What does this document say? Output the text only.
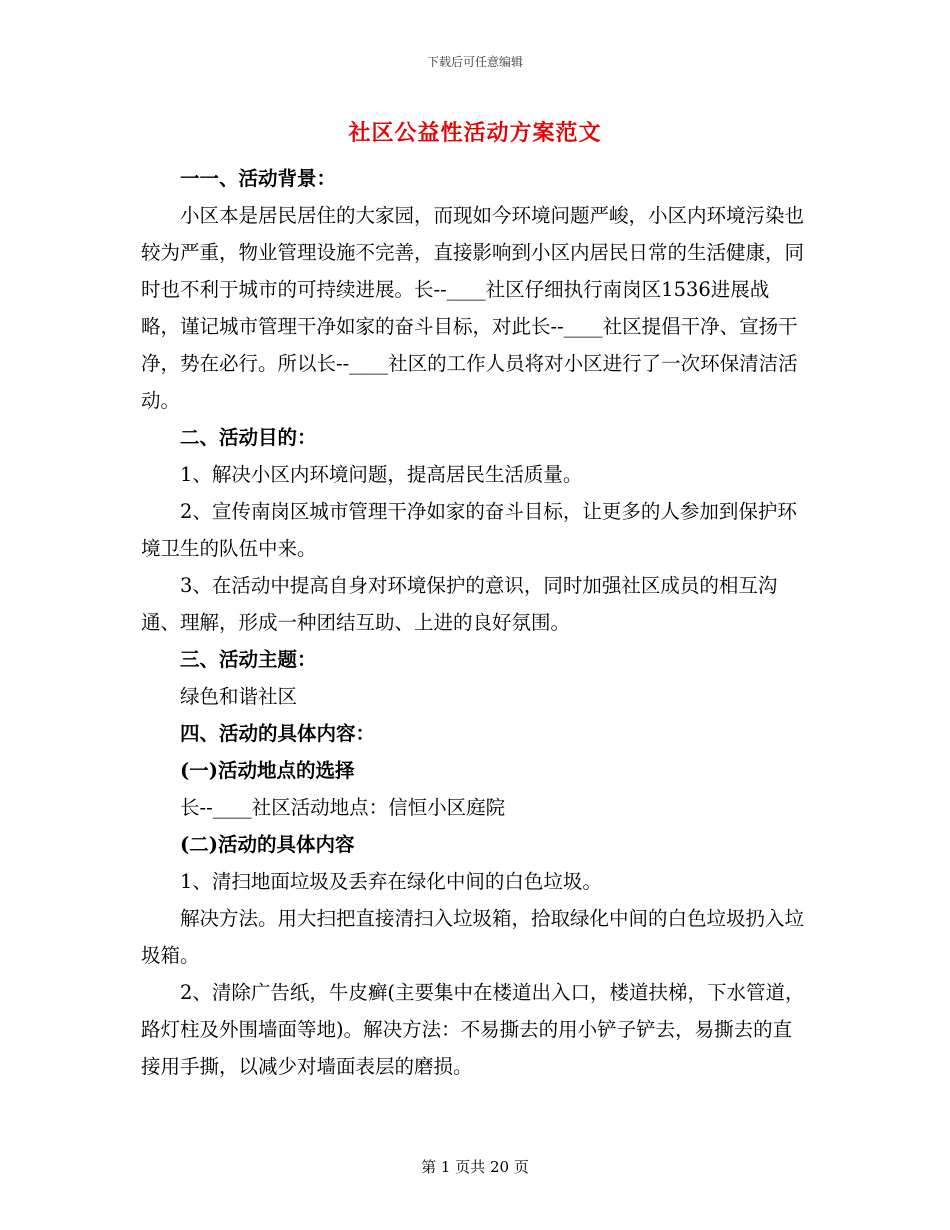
下载后可任意编辑
社区公益性活动方案范文

一一、活动背景：

小区本是居民居住的大家园，而现如今环境问题严峻，小区内环境污染也较为严重，物业管理设施不完善，直接影响到小区内居民日常的生活健康，同时也不利于城市的可持续进展。长--____社区仔细执行南岗区1536进展战略，谨记城市管理干净如家的奋斗目标，对此长--____社区提倡干净、宣扬干净，势在必行。所以长--____社区的工作人员将对小区进行了一次环保清洁活动。

二、活动目的：

1、解决小区内环境问题，提高居民生活质量。

2、宣传南岗区城市管理干净如家的奋斗目标，让更多的人参加到保护环境卫生的队伍中来。

3、在活动中提高自身对环境保护的意识，同时加强社区成员的相互沟通、理解，形成一种团结互助、上进的良好氛围。

三、活动主题：

绿色和谐社区

四、活动的具体内容：

(一)活动地点的选择

长--____社区活动地点：信恒小区庭院

(二)活动的具体内容

1、清扫地面垃圾及丢弃在绿化中间的白色垃圾。

解决方法。用大扫把直接清扫入垃圾箱，拾取绿化中间的白色垃圾扔入垃圾箱。

2、清除广告纸，牛皮癣(主要集中在楼道出入口，楼道扶梯，下水管道，路灯柱及外围墙面等地)。解决方法：不易撕去的用小铲子铲去，易撕去的直接用手撕，以减少对墙面表层的磨损。

第 1 页共 20 页
